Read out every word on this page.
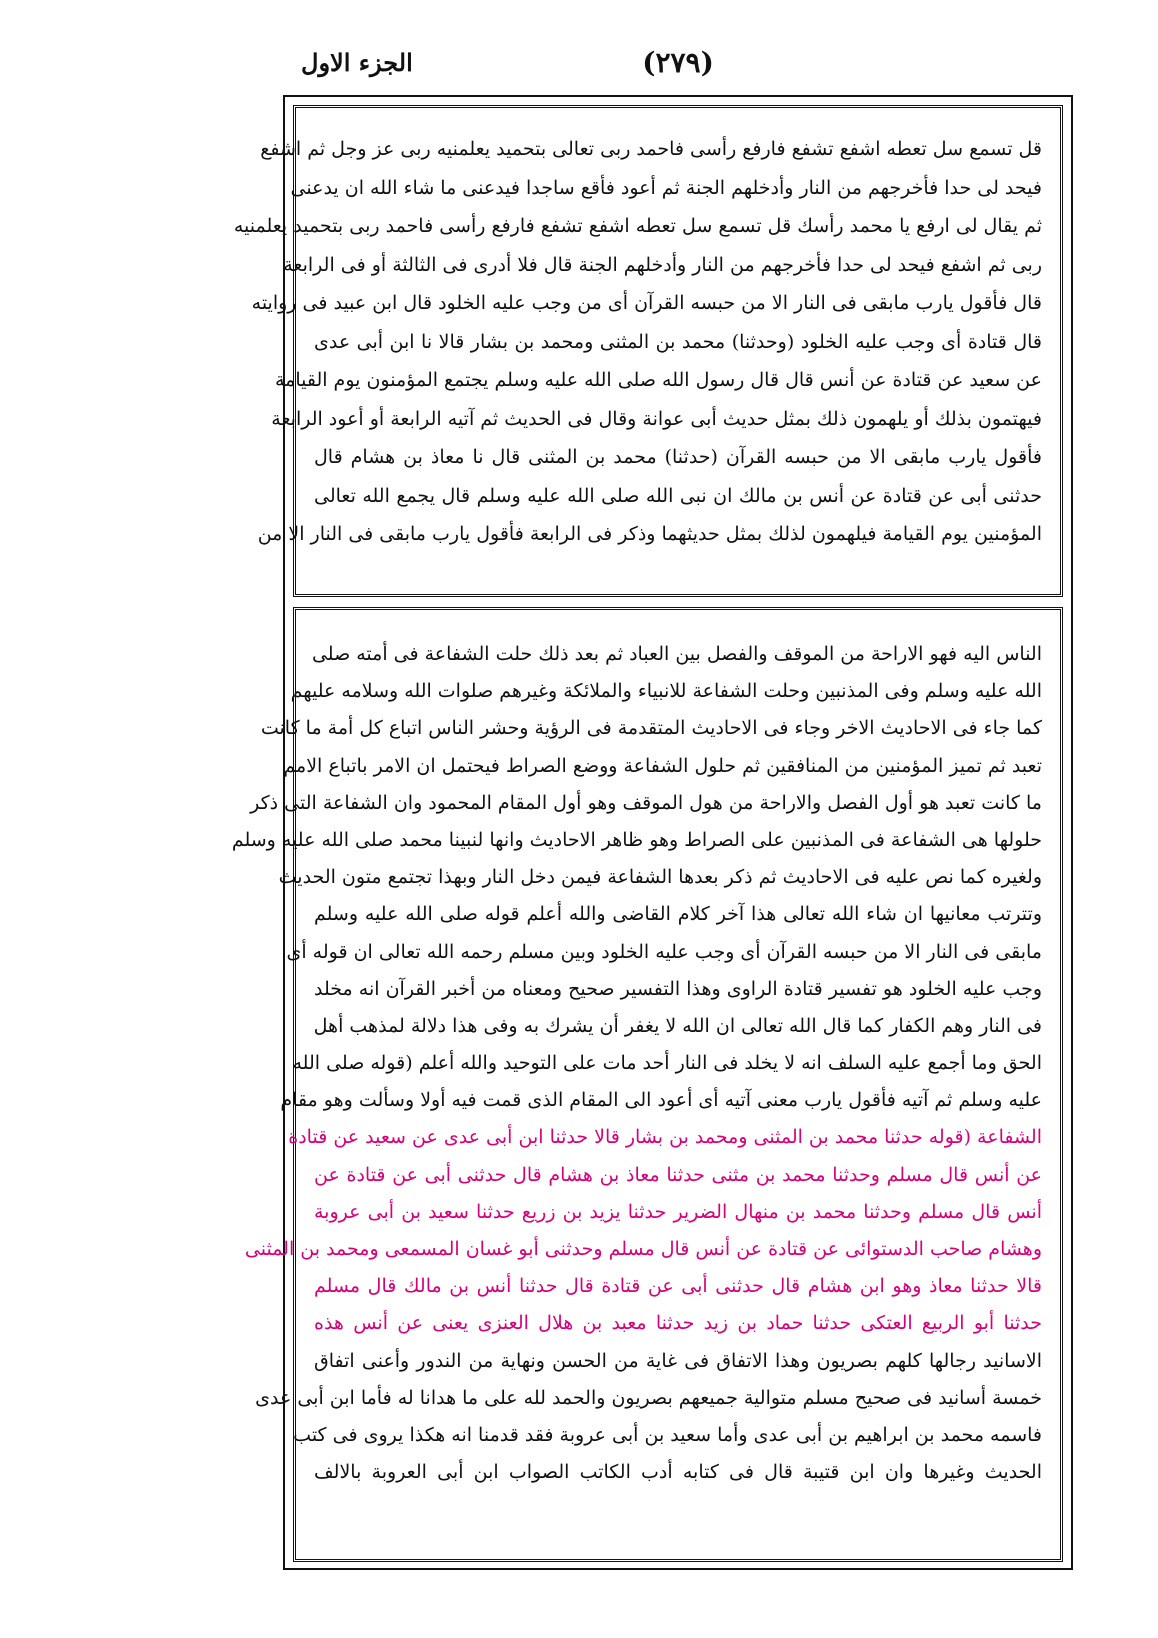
(٢٧٩)
الجزء الاول
قل تسمع سل تعطه اشفع تشفع فارفع رأسى فاحمد ربى تعالى بتحميد يعلمنيه ربى عز وجل ثم اشفع
فيحد لى حدا فأخرجهم من النار وأدخلهم الجنة ثم أعود فأقع ساجدا فيدعنى ما شاء الله ان يدعنى
ثم يقال لى ارفع يا محمد رأسك قل تسمع سل تعطه اشفع تشفع فارفع رأسى فاحمد ربى بتحميد يعلمنيه
ربى ثم اشفع فيحد لى حدا فأخرجهم من النار وأدخلهم الجنة قال فلا أدرى فى الثالثة أو فى الرابعة
قال فأقول يارب مابقى فى النار الا من حبسه القرآن أى من وجب عليه الخلود قال ابن عبيد فى روايته
قال قتادة أى وجب عليه الخلود (وحدثنا) محمد بن المثنى ومحمد بن بشار قالا نا ابن أبى عدى
عن سعيد عن قتادة عن أنس قال قال رسول الله صلى الله عليه وسلم يجتمع المؤمنون يوم القيامة
فيهتمون بذلك أو يلهمون ذلك بمثل حديث أبى عوانة وقال فى الحديث ثم آتيه الرابعة أو أعود الرابعة
فأقول يارب مابقى الا من حبسه القرآن (حدثنا) محمد بن المثنى قال نا معاذ بن هشام قال
حدثنى أبى عن قتادة عن أنس بن مالك ان نبى الله صلى الله عليه وسلم قال يجمع الله تعالى
المؤمنين يوم القيامة فيلهمون لذلك بمثل حديثهما وذكر فى الرابعة فأقول يارب مابقى فى النار الا من
الناس اليه فهو الاراحة من الموقف والفصل بين العباد ثم بعد ذلك حلت الشفاعة فى أمته صلى
الله عليه وسلم وفى المذنبين وحلت الشفاعة للانبياء والملائكة وغيرهم صلوات الله وسلامه عليهم
كما جاء فى الاحاديث الاخر وجاء فى الاحاديث المتقدمة فى الرؤية وحشر الناس اتباع كل أمة ما كانت
تعبد ثم تميز المؤمنين من المنافقين ثم حلول الشفاعة ووضع الصراط فيحتمل ان الامر باتباع الامم
ما كانت تعبد هو أول الفصل والاراحة من هول الموقف وهو أول المقام المحمود وان الشفاعة التى ذكر
حلولها هى الشفاعة فى المذنبين على الصراط وهو ظاهر الاحاديث وانها لنبينا محمد صلى الله عليه وسلم
ولغيره كما نص عليه فى الاحاديث ثم ذكر بعدها الشفاعة فيمن دخل النار وبهذا تجتمع متون الحديث
وتترتب معانيها ان شاء الله تعالى هذا آخر كلام القاضى والله أعلم قوله صلى الله عليه وسلم
مابقى فى النار الا من حبسه القرآن أى وجب عليه الخلود وبين مسلم رحمه الله تعالى ان قوله أى
وجب عليه الخلود هو تفسير قتادة الراوى وهذا التفسير صحيح ومعناه من أخبر القرآن انه مخلد
فى النار وهم الكفار كما قال الله تعالى ان الله لا يغفر أن يشرك به وفى هذا دلالة لمذهب أهل
الحق وما أجمع عليه السلف انه لا يخلد فى النار أحد مات على التوحيد والله أعلم (قوله صلى الله
عليه وسلم ثم آتيه فأقول يارب معنى آتيه أى أعود الى المقام الذى قمت فيه أولا وسألت وهو مقام
الشفاعة (قوله حدثنا محمد بن المثنى ومحمد بن بشار قالا حدثنا ابن أبى عدى عن سعيد عن قتادة
عن أنس قال مسلم وحدثنا محمد بن مثنى حدثنا معاذ بن هشام قال حدثنى أبى عن قتادة عن
أنس قال مسلم وحدثنا محمد بن منهال الضرير حدثنا يزيد بن زريع حدثنا سعيد بن أبى عروبة
وهشام صاحب الدستوائى عن قتادة عن أنس قال مسلم وحدثنى أبو غسان المسمعى ومحمد بن المثنى
قالا حدثنا معاذ وهو ابن هشام قال حدثنى أبى عن قتادة قال حدثنا أنس بن مالك قال مسلم
حدثنا أبو الربيع العتكى حدثنا حماد بن زيد حدثنا معبد بن هلال العنزى يعنى عن أنس هذه
الاسانيد رجالها كلهم بصريون وهذا الاتفاق فى غاية من الحسن ونهاية من الندور وأعنى اتفاق
خمسة أسانيد فى صحيح مسلم متوالية جميعهم بصريون والحمد لله على ما هدانا له فأما ابن أبى عدى
فاسمه محمد بن ابراهيم بن أبى عدى وأما سعيد بن أبى عروبة فقد قدمنا انه هكذا يروى فى كتب
الحديث وغيرها وان ابن قتيبة قال فى كتابه أدب الكاتب الصواب ابن أبى العروبة بالالف
